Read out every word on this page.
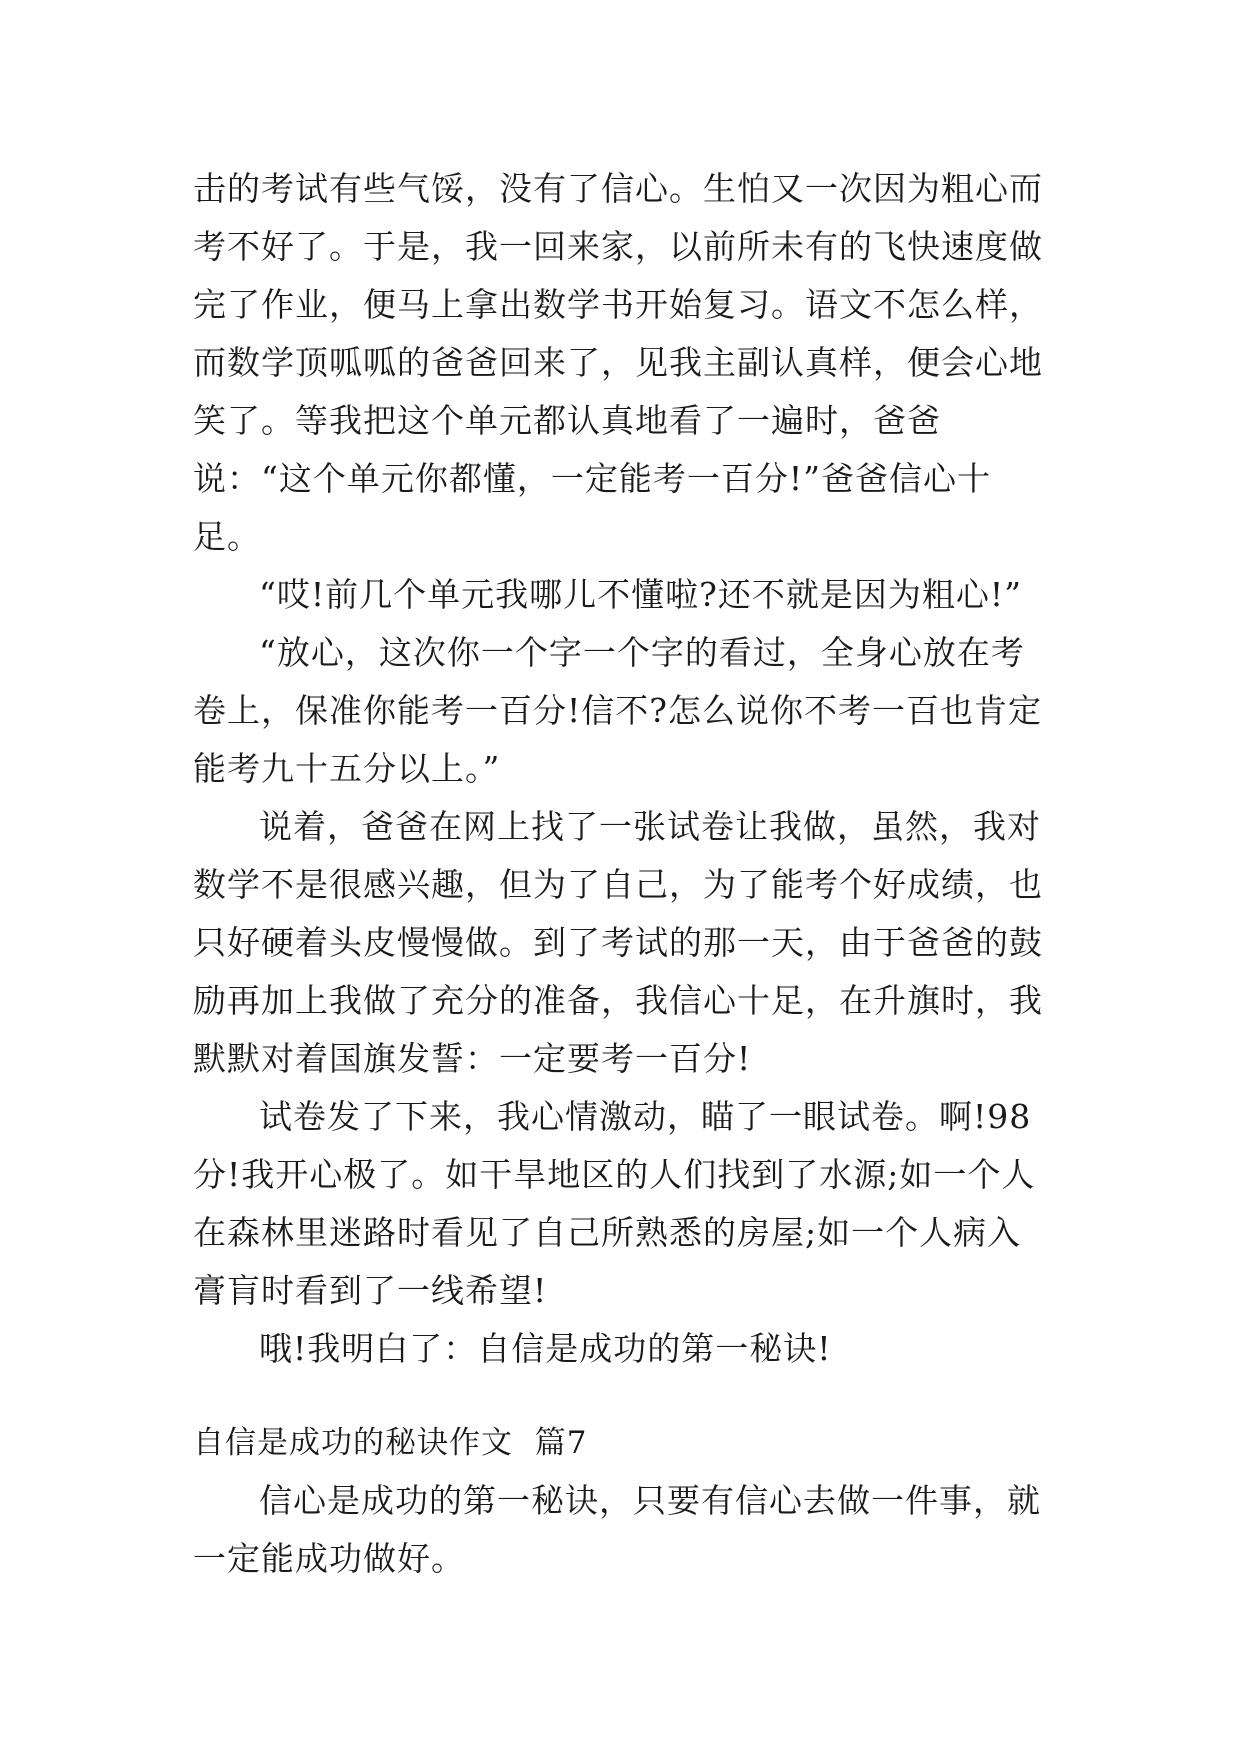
击的考试有些气馁，没有了信心。生怕又一次因为粗心而考不好了。于是，我一回来家，以前所未有的飞快速度做完了作业，便马上拿出数学书开始复习。语文不怎么样，而数学顶呱呱的爸爸回来了，见我主副认真样，便会心地笑了。等我把这个单元都认真地看了一遍时，爸爸说：“这个单元你都懂，一定能考一百分!”爸爸信心十足。

“哎!前几个单元我哪儿不懂啦?还不就是因为粗心!”

“放心，这次你一个字一个字的看过，全身心放在考卷上，保准你能考一百分!信不?怎么说你不考一百也肯定能考九十五分以上。”

说着，爸爸在网上找了一张试卷让我做，虽然，我对数学不是很感兴趣，但为了自己，为了能考个好成绩，也只好硬着头皮慢慢做。到了考试的那一天，由于爸爸的鼓励再加上我做了充分的准备，我信心十足，在升旗时，我默默对着国旗发誓：一定要考一百分!

试卷发了下来，我心情激动，瞄了一眼试卷。啊!98分!我开心极了。如干旱地区的人们找到了水源;如一个人在森林里迷路时看见了自己所熟悉的房屋;如一个人病入膏肓时看到了一线希望!

哦!我明白了：自信是成功的第一秘诀!

自信是成功的秘诀作文  篇7

信心是成功的第一秘诀，只要有信心去做一件事，就一定能成功做好。
